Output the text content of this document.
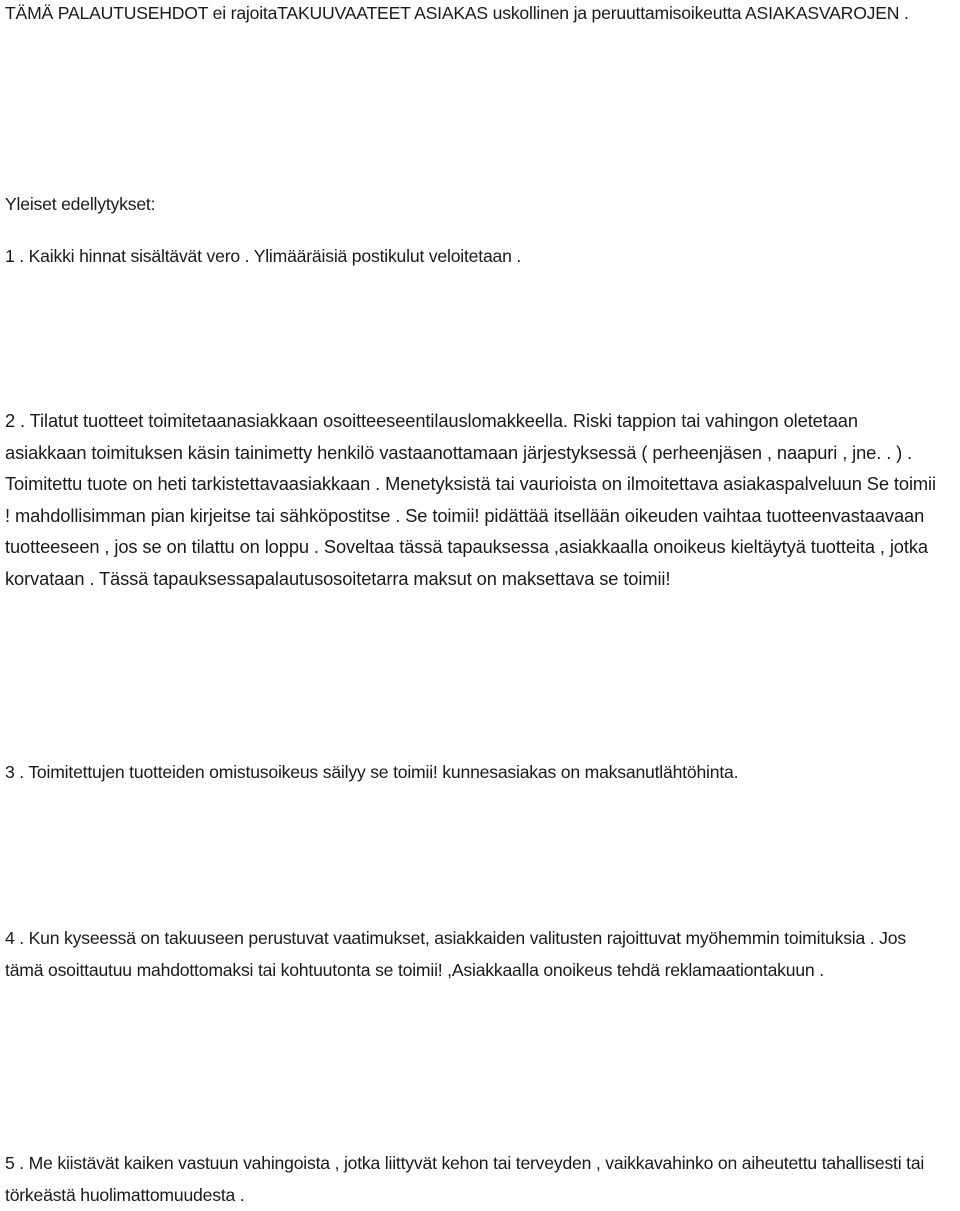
TÄMÄ PALAUTUSEHDOT ei rajoitaTAKUUVAATEET ASIAKAS uskollinen ja peruuttamisoikeutta ASIAKASVAROJEN .

Yleiset edellytykset:

1 . Kaikki hinnat sisältävät vero . Ylimääräisiä postikulut veloitetaan .

2 . Tilatut tuotteet toimitetaanasiakkaan osoitteeseentilauslomakkeella. Riski tappion tai vahingon oletetaan asiakkaan toimituksen käsin tainimetty henkilö vastaanottamaan järjestyksessä ( perheenjäsen , naapuri , jne. . ) . Toimitettu tuote on heti tarkistettavaasiakkaan . Menetyksistä tai vaurioista on ilmoitettava asiakaspalveluun Se toimii ! mahdollisimman pian kirjeitse tai sähköpostitse . Se toimii! pidättää itsellään oikeuden vaihtaa tuotteenvastaavaan tuotteeseen , jos se on tilattu on loppu . Soveltaa tässä tapauksessa ,asiakkaalla onoikeus kieltäytyä tuotteita , jotka korvataan . Tässä tapauksessapalautusosoitetarra maksut on maksettava se toimii!

3 . Toimitettujen tuotteiden omistusoikeus säilyy se toimii! kunnesasiakas on maksanutlähtöhinta.

4 . Kun kyseessä on takuuseen perustuvat vaatimukset, asiakkaiden valitusten rajoittuvat myöhemmin toimituksia . Jos tämä osoittautuu mahdottomaksi tai kohtuutonta se toimii! ,Asiakkaalla onoikeus tehdä reklamaationtakuun .

5 . Me kiistävät kaiken vastuun vahingoista , jotka liittyvät kehon tai terveyden , vaikkavahinko on aiheutettu tahallisesti tai törkeästä huolimattomuudesta .
